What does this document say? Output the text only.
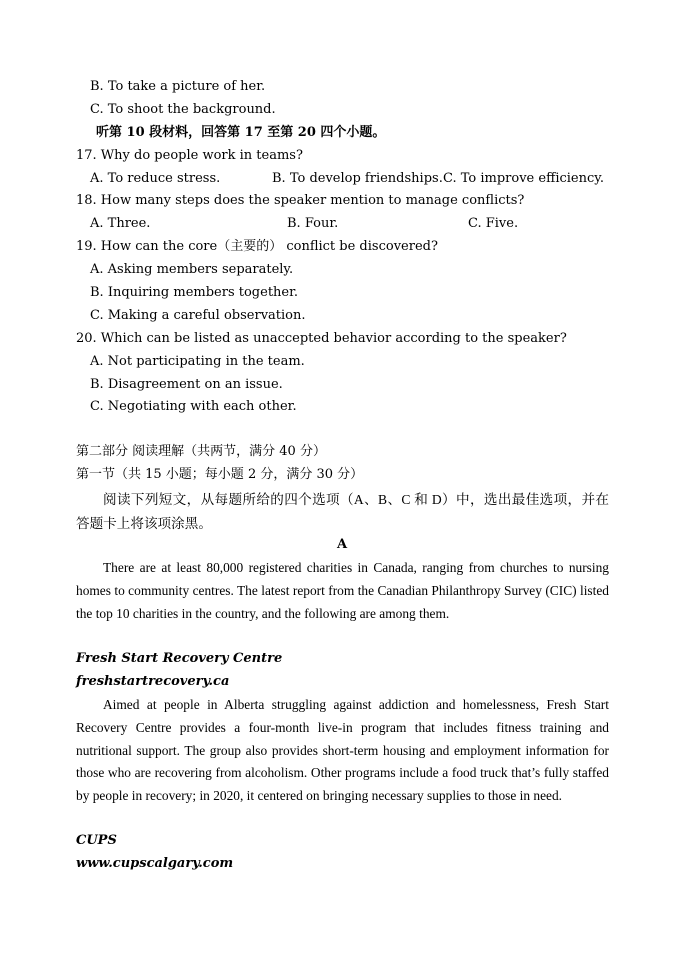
B. To take a picture of her.
C. To shoot the background.
听第 10 段材料，回答第 17 至第 20 四个小题。
17. Why do people work in teams?
A. To reduce stress.	B. To develop friendships. C. To improve efficiency.
18. How many steps does the speaker mention to manage conflicts?
A. Three.	B. Four.	C. Five.
19. How can the core（主要的） conflict be discovered?
A. Asking members separately.
B. Inquiring members together.
C. Making a careful observation.
20. Which can be listed as unaccepted behavior according to the speaker?
A. Not participating in the team.
B. Disagreement on an issue.
C. Negotiating with each other.
第二部分 阅读理解（共两节，满分 40 分）
第一节（共 15 小题；每小题 2 分，满分 30 分）
阅读下列短文，从每题所给的四个选项（A、B、C 和 D）中，选出最佳选项，并在答题卡上将该项涂黑。
A
There are at least 80,000 registered charities in Canada, ranging from churches to nursing homes to community centres. The latest report from the Canadian Philanthropy Survey (CIC) listed the top 10 charities in the country, and the following are among them.
Fresh Start Recovery Centre
freshstartrecovery.ca
Aimed at people in Alberta struggling against addiction and homelessness, Fresh Start Recovery Centre provides a four-month live-in program that includes fitness training and nutritional support. The group also provides short-term housing and employment information for those who are recovering from alcoholism. Other programs include a food truck that’s fully staffed by people in recovery; in 2020, it centered on bringing necessary supplies to those in need.
CUPS
www.cupscalgary.com
